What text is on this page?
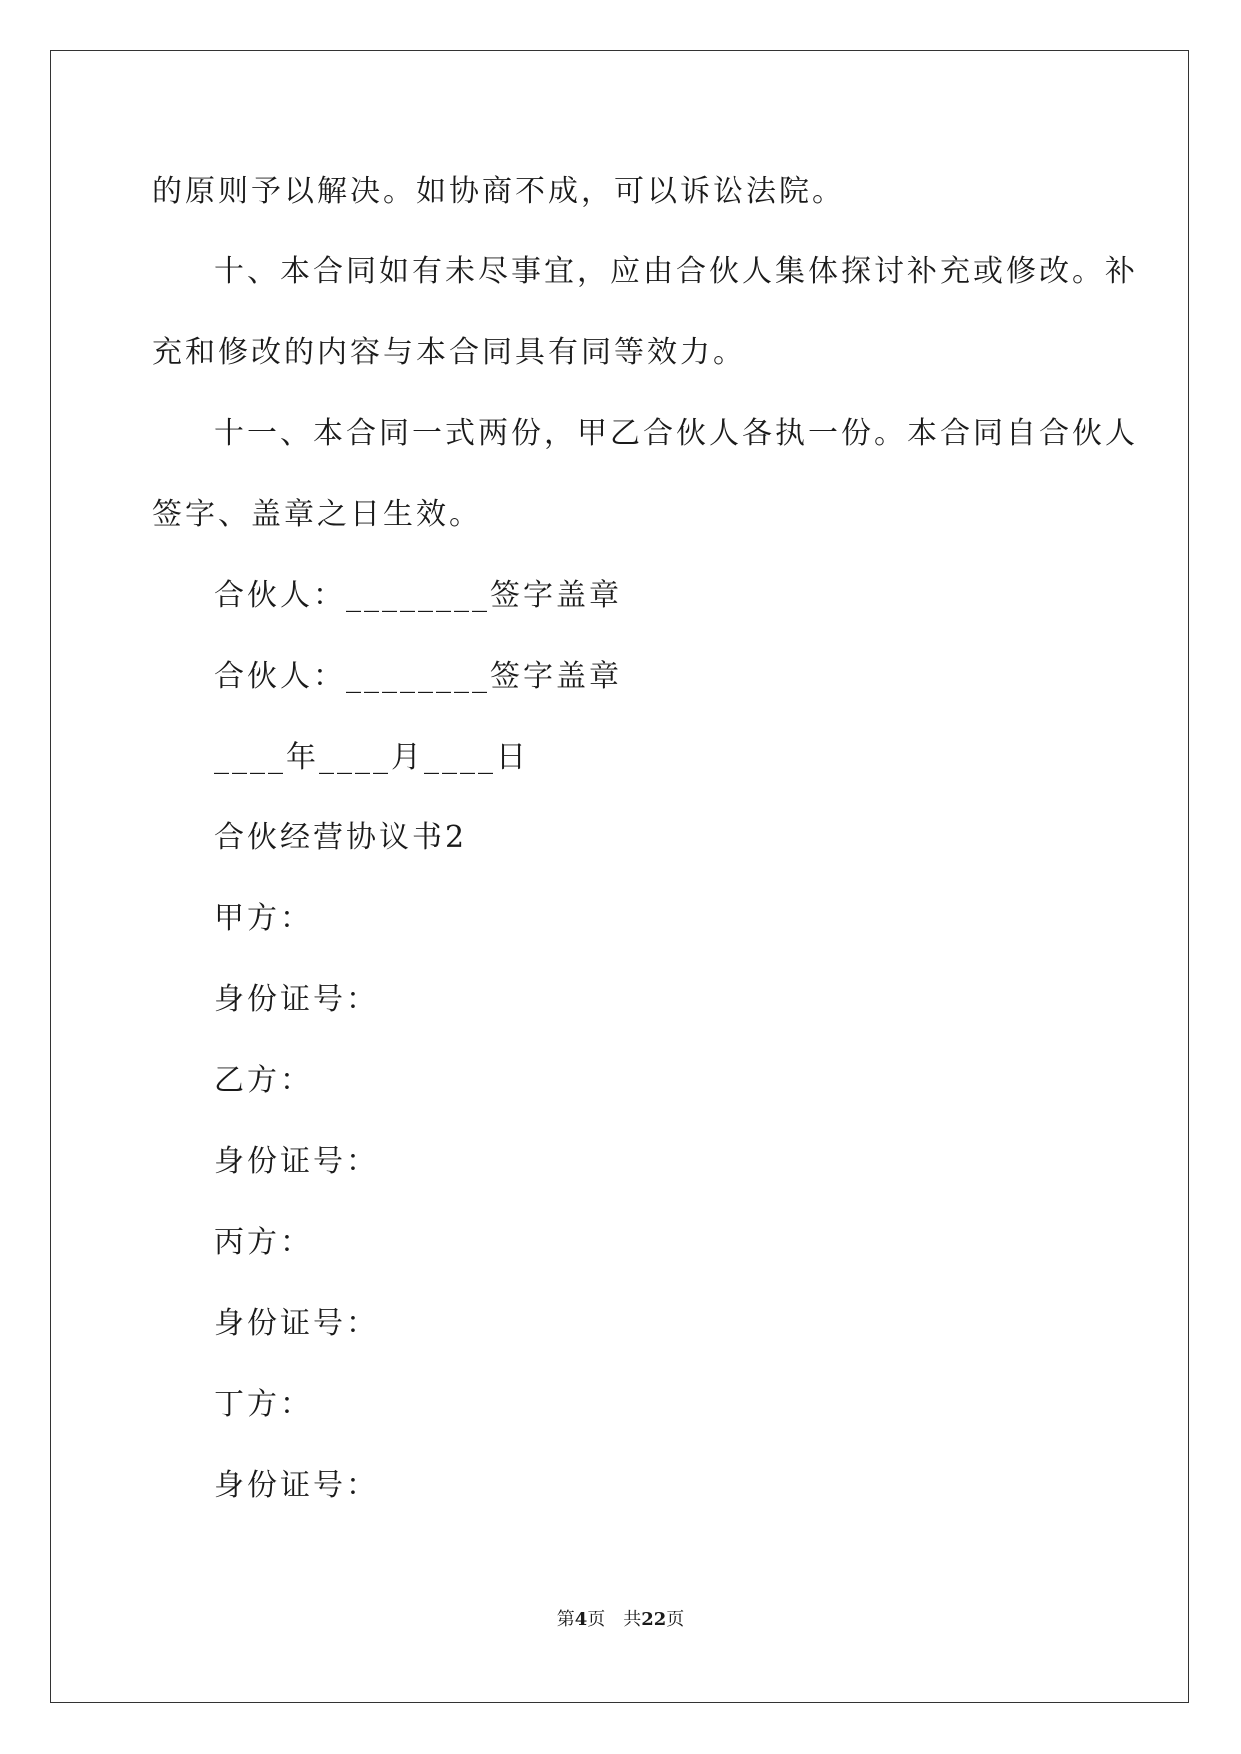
的原则予以解决。如协商不成，可以诉讼法院。
十、本合同如有未尽事宜，应由合伙人集体探讨补充或修改。补
充和修改的内容与本合同具有同等效力。
十一、本合同一式两份，甲乙合伙人各执一份。本合同自合伙人
签字、盖章之日生效。
合伙人：________签字盖章
合伙人：________签字盖章
____年____月____日
合伙经营协议书2
甲方：
身份证号：
乙方：
身份证号：
丙方：
身份证号：
丁方：
身份证号：
第4页　共22页
